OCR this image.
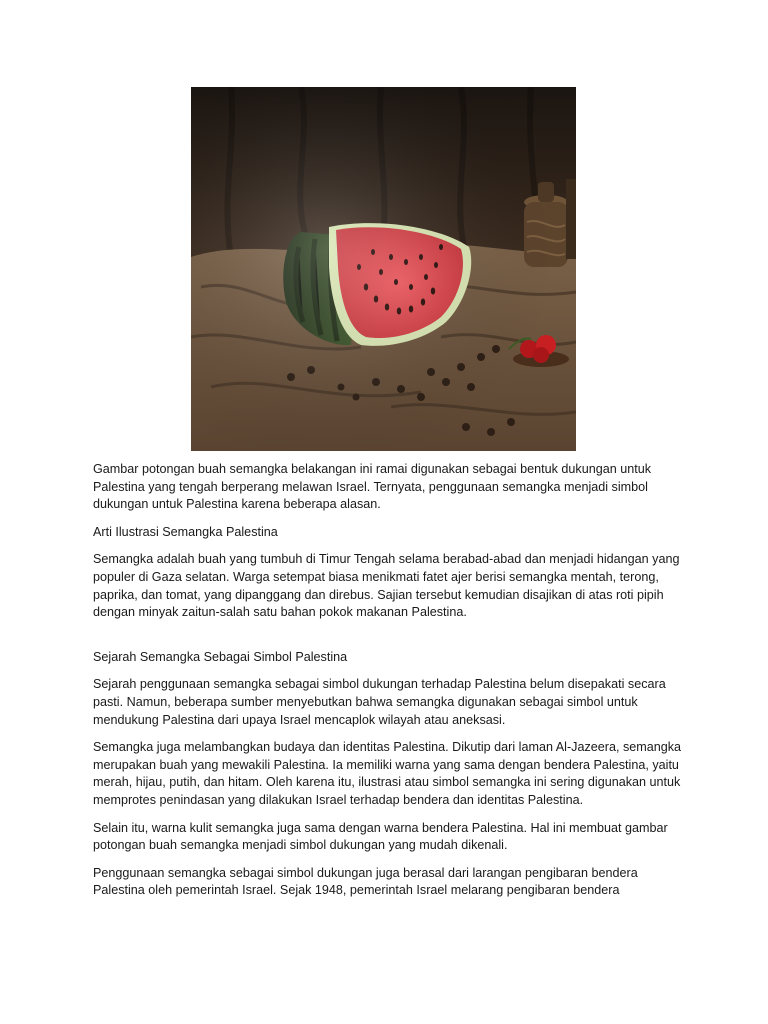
Gambar potongan buah semangka belakangan ini ramai digunakan sebagai bentuk dukungan untuk Palestina yang tengah berperang melawan Israel. Ternyata, penggunaan semangka menjadi simbol dukungan untuk Palestina karena beberapa alasan.

Arti Ilustrasi Semangka Palestina

Semangka adalah buah yang tumbuh di Timur Tengah selama berabad-abad dan menjadi hidangan yang populer di Gaza selatan. Warga setempat biasa menikmati fatet ajer berisi semangka mentah, terong, paprika, dan tomat, yang dipanggang dan direbus. Sajian tersebut kemudian disajikan di atas roti pipih dengan minyak zaitun-salah satu bahan pokok makanan Palestina.

Sejarah Semangka Sebagai Simbol Palestina

Sejarah penggunaan semangka sebagai simbol dukungan terhadap Palestina belum disepakati secara pasti. Namun, beberapa sumber menyebutkan bahwa semangka digunakan sebagai simbol untuk mendukung Palestina dari upaya Israel mencaplok wilayah atau aneksasi.

Semangka juga melambangkan budaya dan identitas Palestina. Dikutip dari laman Al-Jazeera, semangka merupakan buah yang mewakili Palestina. Ia memiliki warna yang sama dengan bendera Palestina, yaitu merah, hijau, putih, dan hitam. Oleh karena itu, ilustrasi atau simbol semangka ini sering digunakan untuk memprotes penindasan yang dilakukan Israel terhadap bendera dan identitas Palestina.

Selain itu, warna kulit semangka juga sama dengan warna bendera Palestina. Hal ini membuat gambar potongan buah semangka menjadi simbol dukungan yang mudah dikenali.

Penggunaan semangka sebagai simbol dukungan juga berasal dari larangan pengibaran bendera Palestina oleh pemerintah Israel. Sejak 1948, pemerintah Israel melarang pengibaran bendera
